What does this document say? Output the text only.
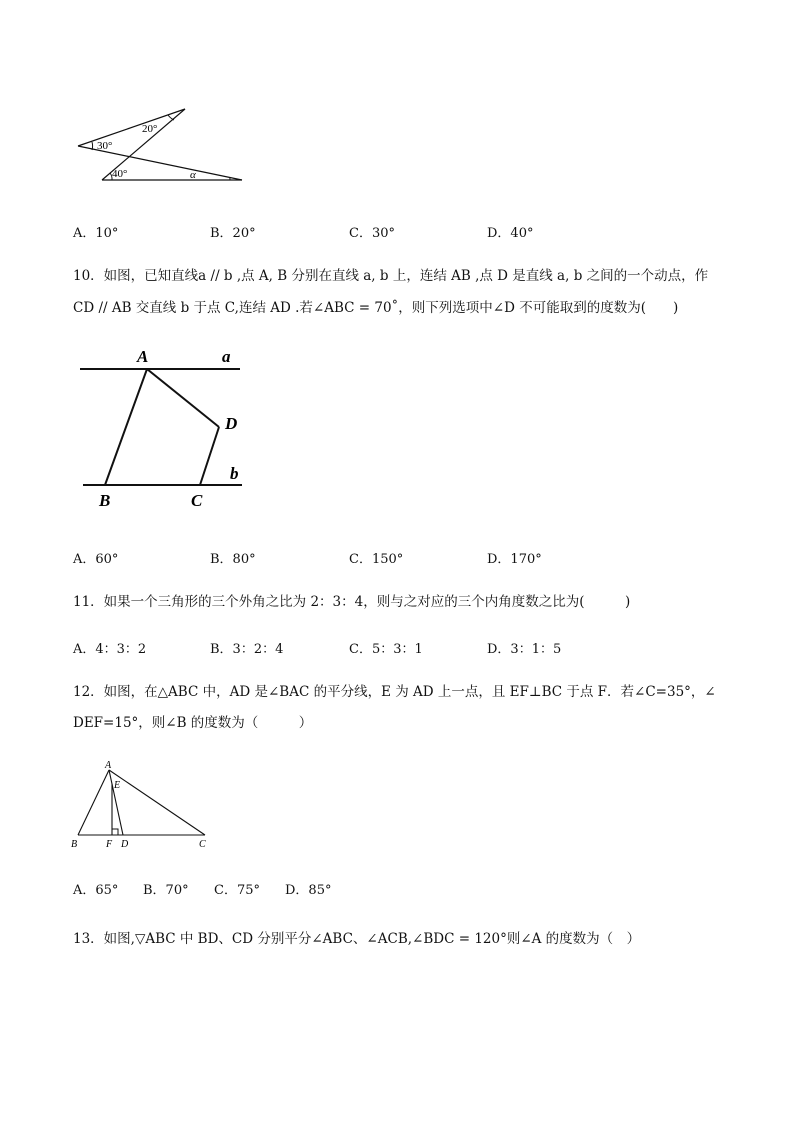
20°
30°
40°	α
A．10°	B．20°	C．30°	D．40°
10．如图，已知直线a // b ,点 A, B 分别在直线 a, b 上，连结 AB ,点 D 是直线 a, b 之间的一个动点，作
CD // AB 交直线 b 于点 C,连结 AD .若∠ABC = 70˚，则下列选项中∠D 不可能取到的度数为(　　)
A	a
D
b
B	C
A．60°	B．80°	C．150°	D．170°
11．如果一个三角形的三个外角之比为 2：3：4，则与之对应的三个内角度数之比为(　　　)
A．4：3：2	B．3：2：4	C．5：3：1	D．3：1：5
12．如图，在△ABC 中，AD 是∠BAC 的平分线，E 为 AD 上一点，且 EF⊥BC 于点 F．若∠C=35°，∠
DEF=15°，则∠B 的度数为（　　　）
A
E
B	F D	C
A．65° B．70° C．75° D．85°
13．如图,▽ABC 中 BD、CD 分别平分∠ABC、∠ACB,∠BDC = 120°则∠A 的度数为（　）
